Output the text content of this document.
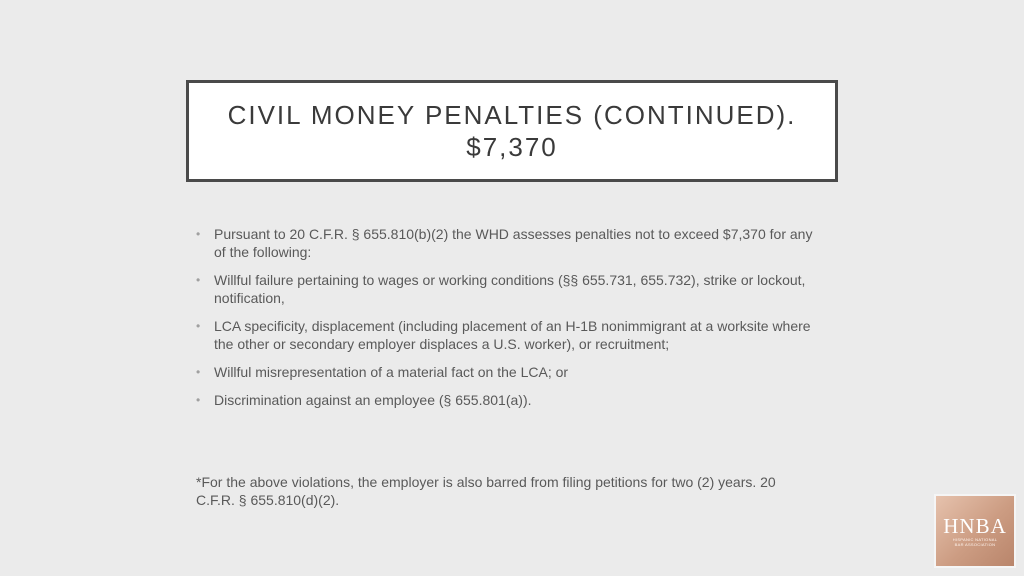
CIVIL MONEY PENALTIES (CONTINUED).
$7,370
• Pursuant to 20 C.F.R. § 655.810(b)(2) the WHD assesses penalties not to exceed $7,370 for any of the following:
• Willful failure pertaining to wages or working conditions (§§ 655.731, 655.732), strike or lockout, notification,
• LCA specificity, displacement (including placement of an H-1B nonimmigrant at a worksite where the other or secondary employer displaces a U.S. worker), or recruitment;
• Willful misrepresentation of a material fact on the LCA; or
• Discrimination against an employee (§ 655.801(a)).
*For the above violations, the employer is also barred from filing petitions for two (2) years. 20 C.F.R. § 655.810(d)(2).
HNBA
HISPANIC NATIONAL BAR ASSOCIATION
